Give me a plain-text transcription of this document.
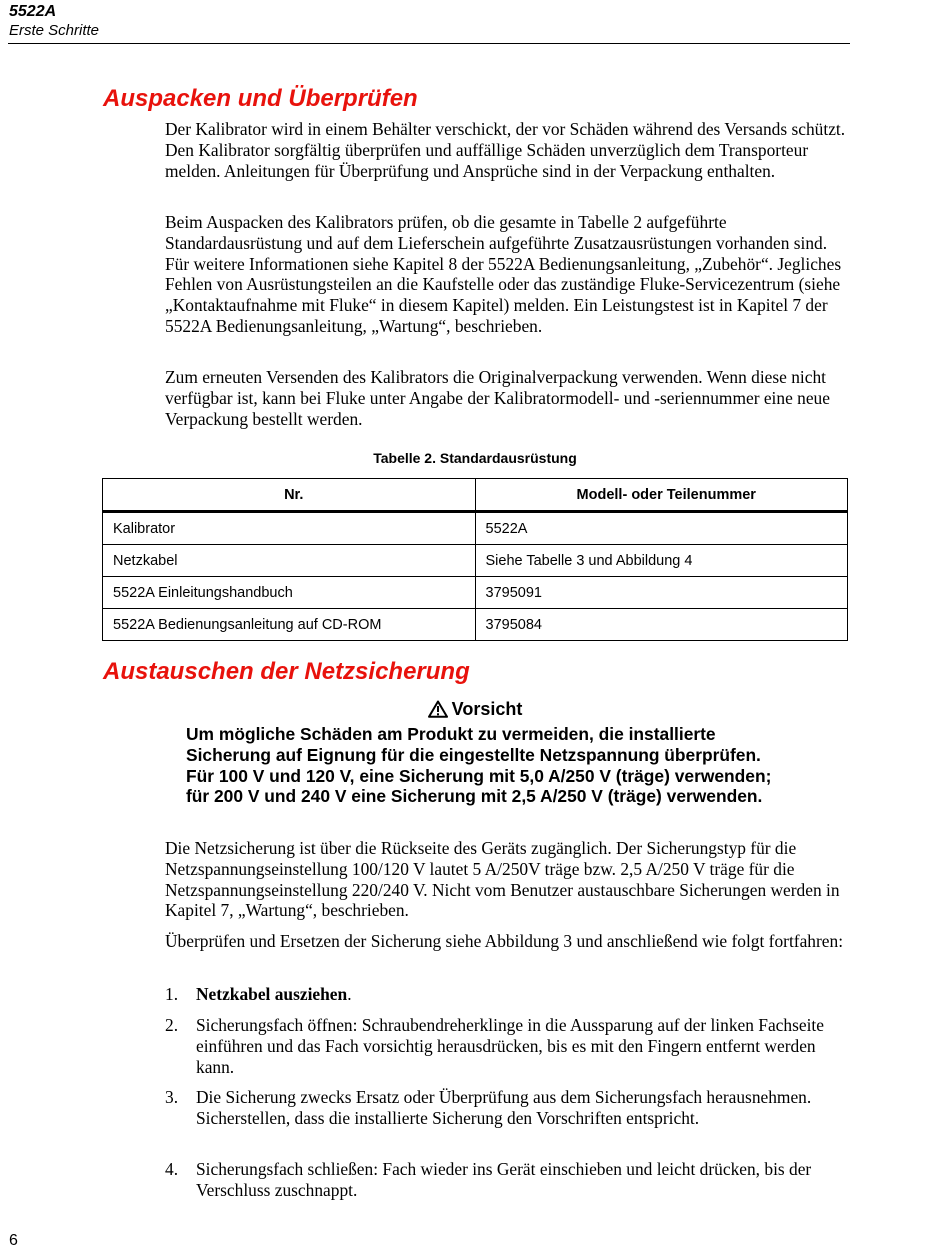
5522A
Erste Schritte
Auspacken und Überprüfen

Der Kalibrator wird in einem Behälter verschickt, der vor Schäden während des Versands schützt. Den Kalibrator sorgfältig überprüfen und auffällige Schäden unverzüglich dem Transporteur melden. Anleitungen für Überprüfung und Ansprüche sind in der Verpackung enthalten.

Beim Auspacken des Kalibrators prüfen, ob die gesamte in Tabelle 2 aufgeführte Standardausrüstung und auf dem Lieferschein aufgeführte Zusatzausrüstungen vorhanden sind. Für weitere Informationen siehe Kapitel 8 der 5522A Bedienungsanleitung, „Zubehör“. Jegliches Fehlen von Ausrüstungsteilen an die Kaufstelle oder das zuständige Fluke-Servicezentrum (siehe „Kontaktaufnahme mit Fluke“ in diesem Kapitel) melden. Ein Leistungstest ist in Kapitel 7 der 5522A Bedienungsanleitung, „Wartung“, beschrieben.

Zum erneuten Versenden des Kalibrators die Originalverpackung verwenden. Wenn diese nicht verfügbar ist, kann bei Fluke unter Angabe der Kalibratormodell- und -seriennummer eine neue Verpackung bestellt werden.

Tabelle 2. Standardausrüstung
Nr.	Modell- oder Teilenummer
Kalibrator	5522A
Netzkabel	Siehe Tabelle 3 und Abbildung 4
5522A Einleitungshandbuch	3795091
5522A Bedienungsanleitung auf CD-ROM	3795084
Austauschen der Netzsicherung
Vorsicht

Um mögliche Schäden am Produkt zu vermeiden, die installierte Sicherung auf Eignung für die eingestellte Netzspannung überprüfen. Für 100 V und 120 V, eine Sicherung mit 5,0 A/250 V (träge) verwenden; für 200 V und 240 V eine Sicherung mit 2,5 A/250 V (träge) verwenden.

Die Netzsicherung ist über die Rückseite des Geräts zugänglich. Der Sicherungstyp für die Netzspannungseinstellung 100/120 V lautet 5 A/250V träge bzw. 2,5 A/250 V träge für die Netzspannungseinstellung 220/240 V. Nicht vom Benutzer austauschbare Sicherungen werden in Kapitel 7, „Wartung“, beschrieben.

Überprüfen und Ersetzen der Sicherung siehe Abbildung 3 und anschließend wie folgt fortfahren:

1. Netzkabel ausziehen.
2. Sicherungsfach öffnen: Schraubendreherklinge in die Aussparung auf der linken Fachseite einführen und das Fach vorsichtig herausdrücken, bis es mit den Fingern entfernt werden kann.
3. Die Sicherung zwecks Ersatz oder Überprüfung aus dem Sicherungsfach herausnehmen. Sicherstellen, dass die installierte Sicherung den Vorschriften entspricht.
4. Sicherungsfach schließen: Fach wieder ins Gerät einschieben und leicht drücken, bis der Verschluss zuschnappt.
6
